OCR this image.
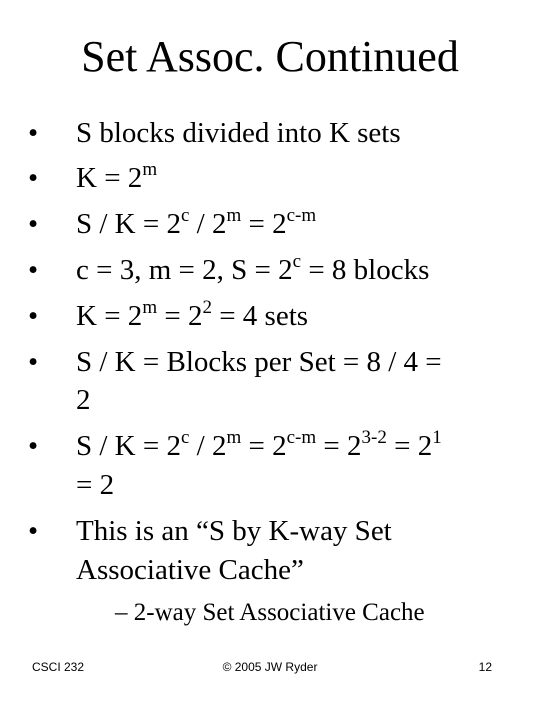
Set Assoc. Continued
• S blocks divided into K sets
• $K = 2^m$
• $S / K = 2^c / 2^m = 2^{c-m}$
• c = 3, m = 2, $S = 2^c = 8$ blocks
• $K = 2^m = 2^2 = 4$ sets
• S / K = Blocks per Set = 8 / 4 =
2
• $S / K = 2^c / 2^m = 2^{c-m} = 2^{3-2} = 2^1$
= 2
• This is an “S by K-way Set
Associative Cache”
– 2-way Set Associative Cache
CSCI 232	© 2005 JW Ryder	12
